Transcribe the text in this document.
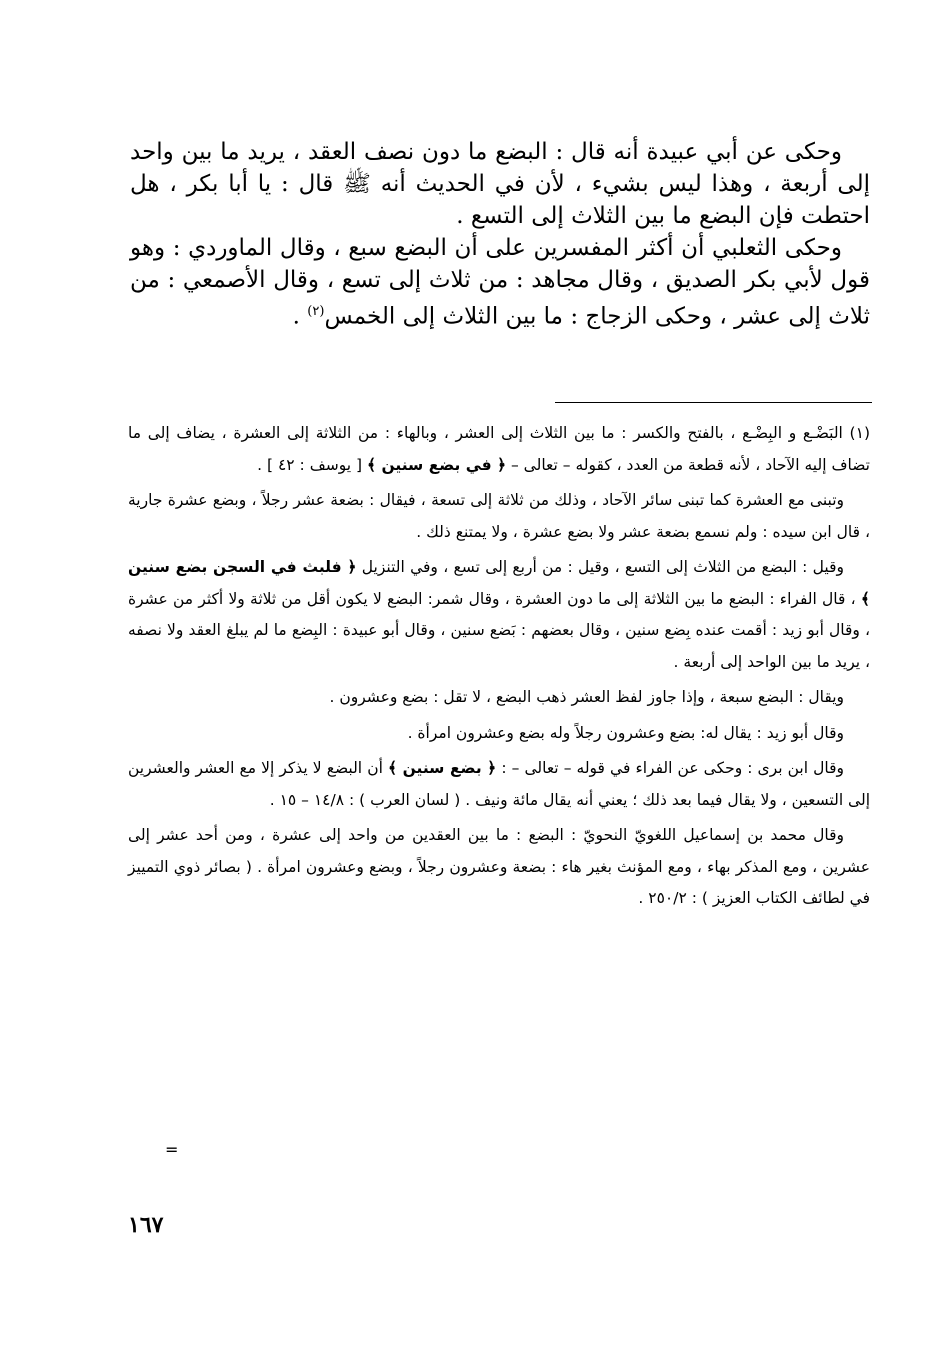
وحكى عن أبي عبيدة أنه قال : البضع ما دون نصف العقد ، يريد ما بين واحد إلى أربعة ، وهذا ليس بشيء ، لأن في الحديث أنه ﷺ قال : يا أبا بكر ، هل احتطت فإن البضع ما بين الثلاث إلى التسع .

وحكى الثعلبي أن أكثر المفسرين على أن البضع سبع ، وقال الماوردي : وهو قول لأبي بكر الصديق ، وقال مجاهد : من ثلاث إلى تسع ، وقال الأصمعي : من ثلاث إلى عشر ، وحكى الزجاج : ما بين الثلاث إلى الخمس$^{(٢)}$ .

(١) البَضْـع و البِضْـع ، بالفتح والكسر : ما بين الثلاث إلى العشر ، وبالهاء : من الثلاثة إلى العشرة ، يضاف إلى ما تضاف إليه الآحاد ، لأنه قطعة من العدد ، كقوله – تعالى – ﴿ في بضع سنين ﴾ [ يوسف : ٤٢ ] .

وتبنى مع العشرة كما تبنى سائر الآحاد ، وذلك من ثلاثة إلى تسعة ، فيقال : بضعة عشر رجلاً ، وبضع عشرة جارية ، قال ابن سيده : ولم نسمع بضعة عشر ولا بضع عشرة ، ولا يمتنع ذلك .

وقيل : البضع من الثلاث إلى التسع ، وقيل : من أربع إلى تسع ، وفي التنزيل ﴿ فلبث في السجن بضع سنين ﴾ ، قال الفراء : البضع ما بين الثلاثة إلى ما دون العشرة ، وقال شمر: البضع لا يكون أقل من ثلاثة ولا أكثر من عشرة ، وقال أبو زيد : أقمت عنده بِضع سنين ، وقال بعضهم : بَضع سنين ، وقال أبو عبيدة : البِضع ما لم يبلغ العقد ولا نصفه ، يريد ما بين الواحد إلى أربعة .

ويقال : البضع سبعة ، وإذا جاوز لفظ العشر ذهب البضع ، لا تقل : بضع وعشرون .

وقال أبو زيد : يقال له: بضع وعشرون رجلاً وله بضع وعشرون امرأة .

وقال ابن برى : وحكى عن الفراء في قوله – تعالى – : ﴿ بضع سنين ﴾ أن البضع لا يذكر إلا مع العشر والعشرين إلى التسعين ، ولا يقال فيما بعد ذلك ؛ يعني أنه يقال مائة ونيف . ( لسان العرب ) : ١٤/٨ – ١٥ .

وقال محمد بن إسماعيل اللغويّ النحويّ : البضع : ما بين العقدين من واحد إلى عشرة ، ومن أحد عشر إلى عشرين ، ومع المذكر بهاء ، ومع المؤنث بغير هاء : بضعة وعشرون رجلاً ، وبضع وعشرون امرأة . ( بصائر ذوي التمييز في لطائف الكتاب العزيز ) : ٢٥٠/٢ .

=
١٦٧
